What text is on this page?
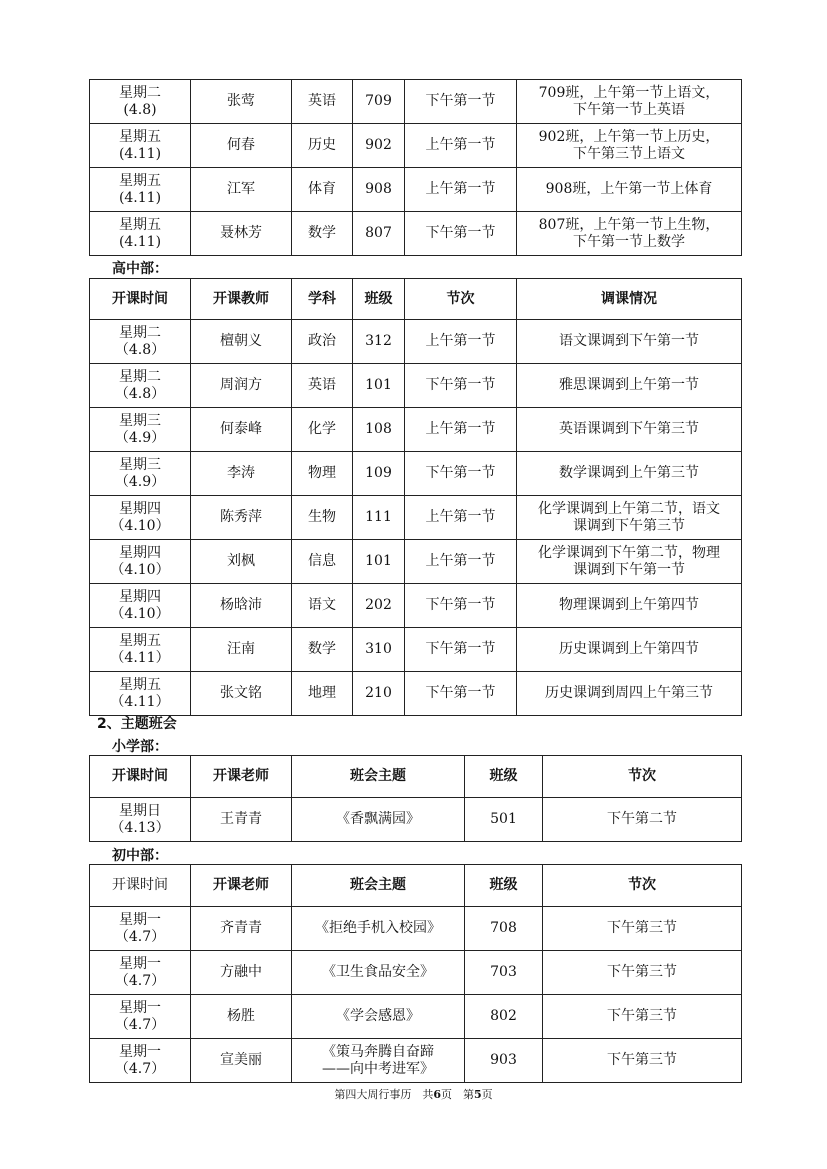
星期二
(4.8)	张莺	英语	709	下午第一节	709班，上午第一节上语文，
下午第一节上英语
星期五
(4.11)	何春	历史	902	上午第一节	902班，上午第一节上历史，
下午第三节上语文
星期五
(4.11)	江军	体育	908	上午第一节	908班，上午第一节上体育
星期五
(4.11)	聂林芳	数学	807	下午第一节	807班，上午第一节上生物，
下午第一节上数学
高中部：
开课时间	开课教师	学科	班级	节次	调课情况
星期二
（4.8）	檀朝义	政治	312	上午第一节	语文课调到下午第一节
星期二
（4.8）	周润方	英语	101	下午第一节	雅思课调到上午第一节
星期三
（4.9）	何泰峰	化学	108	上午第一节	英语课调到下午第三节
星期三
（4.9）	李涛	物理	109	下午第一节	数学课调到上午第三节
星期四
（4.10）	陈秀萍	生物	111	上午第一节	化学课调到上午第二节，语文
课调到下午第三节
星期四
（4.10）	刘枫	信息	101	上午第一节	化学课调到下午第二节，物理
课调到下午第一节
星期四
（4.10）	杨晗沛	语文	202	下午第一节	物理课调到上午第四节
星期五
（4.11）	汪南	数学	310	下午第一节	历史课调到上午第四节
星期五
（4.11）	张文铭	地理	210	下午第一节	历史课调到周四上午第三节
2、主题班会
小学部：
开课时间	开课老师	班会主题	班级	节次
星期日
（4.13）	王青青	《香飘满园》	501	下午第二节
初中部：
开课时间	开课老师	班会主题	班级	节次
星期一
（4.7）	齐青青	《拒绝手机入校园》	708	下午第三节
星期一
（4.7）	方融中	《卫生食品安全》	703	下午第三节
星期一
（4.7）	杨胜	《学会感恩》	802	下午第三节
星期一
（4.7）	宣美丽	《策马奔腾自奋蹄
——向中考进军》	903	下午第三节
第四大周行事历　共6页　第5页
